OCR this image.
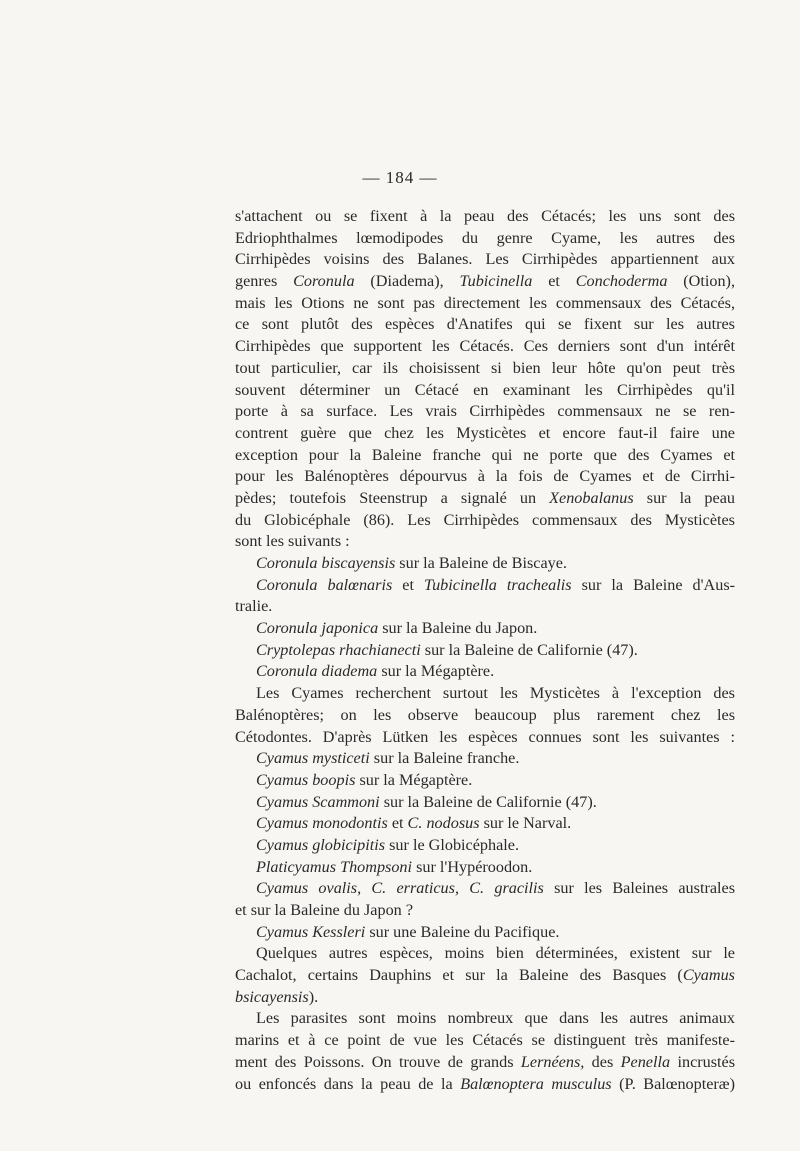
— 184 —
s'attachent ou se fixent à la peau des Cétacés; les uns sont des
Edriophthalmes lœmodipodes du genre Cyame, les autres des
Cirrhipèdes voisins des Balanes. Les Cirrhipèdes appartiennent aux
genres Coronula (Diadema), Tubicinella et Conchoderma (Otion),
mais les Otions ne sont pas directement les commensaux des Cétacés,
ce sont plutôt des espèces d'Anatifes qui se fixent sur les autres
Cirrhipèdes que supportent les Cétacés. Ces derniers sont d'un intérêt
tout particulier, car ils choisissent si bien leur hôte qu'on peut très
souvent déterminer un Cétacé en examinant les Cirrhipèdes qu'il
porte à sa surface. Les vrais Cirrhipèdes commensaux ne se ren-
contrent guère que chez les Mysticètes et encore faut-il faire une
exception pour la Baleine franche qui ne porte que des Cyames et
pour les Balénoptères dépourvus à la fois de Cyames et de Cirrhi-
pèdes; toutefois Steenstrup a signalé un Xenobalanus sur la peau
du Globicéphale (86). Les Cirrhipèdes commensaux des Mysticètes
sont les suivants :
Coronula biscayensis sur la Baleine de Biscaye.
Coronula balœnaris et Tubicinella trachealis sur la Baleine d'Aus-
tralie.
Coronula japonica sur la Baleine du Japon.
Cryptolepas rhachianecti sur la Baleine de Californie (47).
Coronula diadema sur la Mégaptère.
Les Cyames recherchent surtout les Mysticètes à l'exception des
Balénoptères; on les observe beaucoup plus rarement chez les
Cétodontes. D'après Lütken les espèces connues sont les suivantes :
Cyamus mysticeti sur la Baleine franche.
Cyamus boopis sur la Mégaptère.
Cyamus Scammoni sur la Baleine de Californie (47).
Cyamus monodontis et C. nodosus sur le Narval.
Cyamus globicipitis sur le Globicéphale.
Platicyamus Thompsoni sur l'Hypéroodon.
Cyamus ovalis, C. erraticus, C. gracilis sur les Baleines australes
et sur la Baleine du Japon ?
Cyamus Kessleri sur une Baleine du Pacifique.
Quelques autres espèces, moins bien déterminées, existent sur le
Cachalot, certains Dauphins et sur la Baleine des Basques (Cyamus
bsicayensis).
Les parasites sont moins nombreux que dans les autres animaux
marins et à ce point de vue les Cétacés se distinguent très manifeste-
ment des Poissons. On trouve de grands Lernéens, des Penella incrustés
ou enfoncés dans la peau de la Balœnoptera musculus (P. Balœnopteræ)
